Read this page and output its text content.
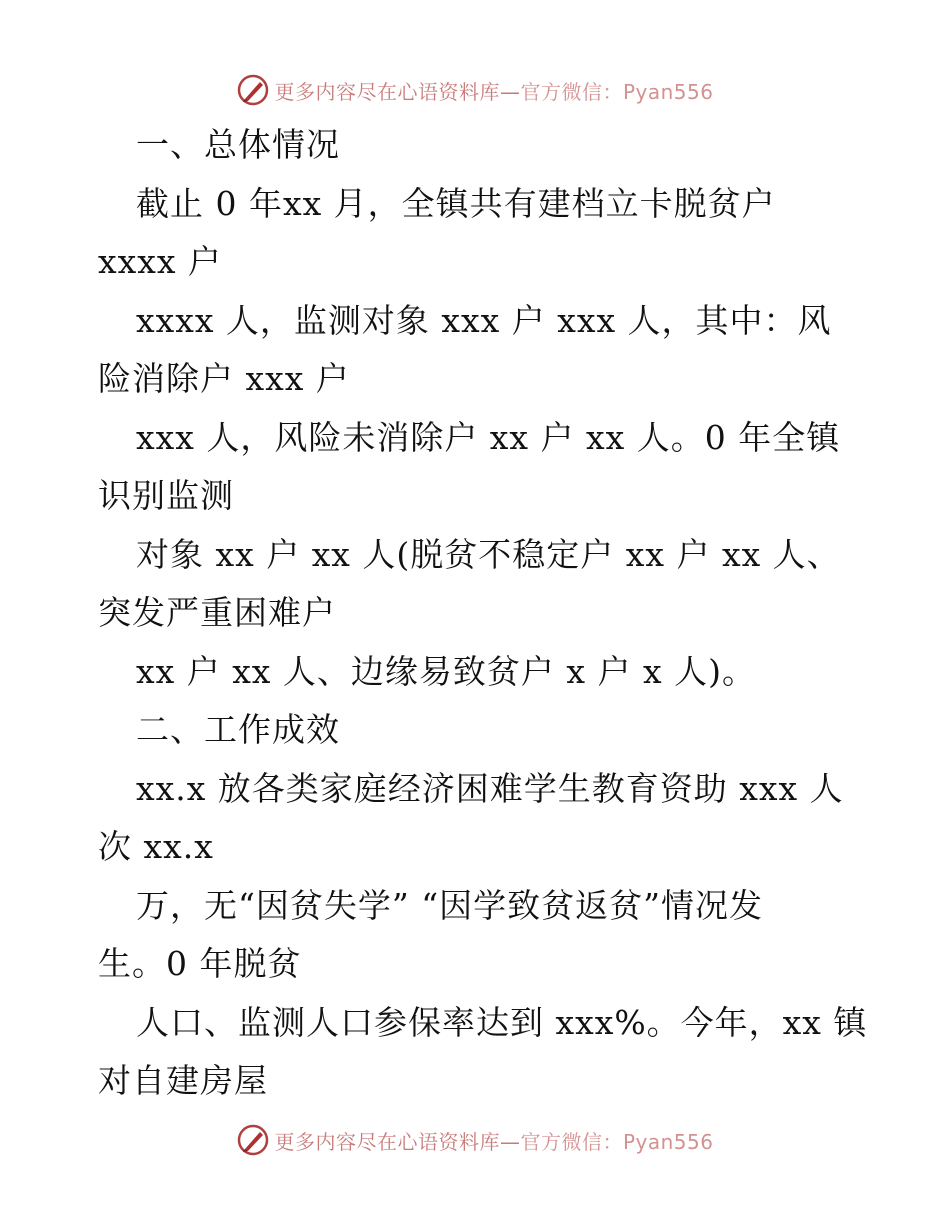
更多内容尽在心语资料库—官方微信：Pyan556
一、总体情况
截止 0 年xx 月，全镇共有建档立卡脱贫户
xxxx 户
xxxx 人，监测对象 xxx 户 xxx 人，其中：风
险消除户 xxx 户
xxx 人，风险未消除户 xx 户 xx 人。0 年全镇
识别监测
对象 xx 户 xx 人(脱贫不稳定户 xx 户 xx 人、
突发严重困难户
xx 户 xx 人、边缘易致贫户 x 户 x 人)。
二、工作成效
xx.x 放各类家庭经济困难学生教育资助 xxx 人
次 xx.x
万，无“因贫失学” “因学致贫返贫”情况发
生。0 年脱贫
人口、监测人口参保率达到 xxx%。今年，xx 镇
对自建房屋
更多内容尽在心语资料库—官方微信：Pyan556
